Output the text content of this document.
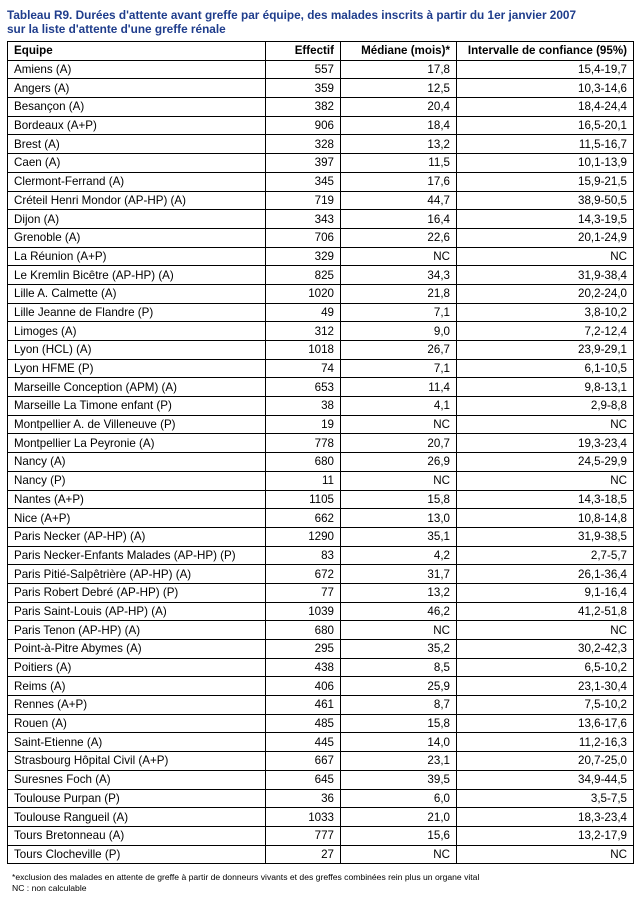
Tableau R9. Durées d'attente avant greffe par équipe, des malades inscrits à partir du 1er janvier 2007
sur la liste d'attente d'une greffe rénale
Equipe	Effectif	Médiane (mois)*	Intervalle de confiance (95%)
Amiens (A)	557	17,8	15,4-19,7
Angers (A)	359	12,5	10,3-14,6
Besançon (A)	382	20,4	18,4-24,4
Bordeaux (A+P)	906	18,4	16,5-20,1
Brest (A)	328	13,2	11,5-16,7
Caen (A)	397	11,5	10,1-13,9
Clermont-Ferrand (A)	345	17,6	15,9-21,5
Créteil Henri Mondor (AP-HP) (A)	719	44,7	38,9-50,5
Dijon (A)	343	16,4	14,3-19,5
Grenoble (A)	706	22,6	20,1-24,9
La Réunion (A+P)	329	NC	NC
Le Kremlin Bicêtre (AP-HP) (A)	825	34,3	31,9-38,4
Lille A. Calmette (A)	1020	21,8	20,2-24,0
Lille Jeanne de Flandre (P)	49	7,1	3,8-10,2
Limoges (A)	312	9,0	7,2-12,4
Lyon (HCL) (A)	1018	26,7	23,9-29,1
Lyon HFME (P)	74	7,1	6,1-10,5
Marseille Conception (APM) (A)	653	11,4	9,8-13,1
Marseille La Timone enfant (P)	38	4,1	2,9-8,8
Montpellier A. de Villeneuve (P)	19	NC	NC
Montpellier La Peyronie (A)	778	20,7	19,3-23,4
Nancy (A)	680	26,9	24,5-29,9
Nancy (P)	11	NC	NC
Nantes (A+P)	1105	15,8	14,3-18,5
Nice (A+P)	662	13,0	10,8-14,8
Paris Necker (AP-HP) (A)	1290	35,1	31,9-38,5
Paris Necker-Enfants Malades (AP-HP) (P)	83	4,2	2,7-5,7
Paris Pitié-Salpêtrière (AP-HP) (A)	672	31,7	26,1-36,4
Paris Robert Debré (AP-HP) (P)	77	13,2	9,1-16,4
Paris Saint-Louis (AP-HP) (A)	1039	46,2	41,2-51,8
Paris Tenon (AP-HP) (A)	680	NC	NC
Point-à-Pitre Abymes (A)	295	35,2	30,2-42,3
Poitiers (A)	438	8,5	6,5-10,2
Reims (A)	406	25,9	23,1-30,4
Rennes (A+P)	461	8,7	7,5-10,2
Rouen (A)	485	15,8	13,6-17,6
Saint-Etienne (A)	445	14,0	11,2-16,3
Strasbourg Hôpital Civil (A+P)	667	23,1	20,7-25,0
Suresnes Foch (A)	645	39,5	34,9-44,5
Toulouse Purpan (P)	36	6,0	3,5-7,5
Toulouse Rangueil (A)	1033	21,0	18,3-23,4
Tours Bretonneau (A)	777	15,6	13,2-17,9
Tours Clocheville (P)	27	NC	NC
*exclusion des malades en attente de greffe à partir de donneurs vivants et des greffes combinées rein plus un organe vital
NC : non calculable
